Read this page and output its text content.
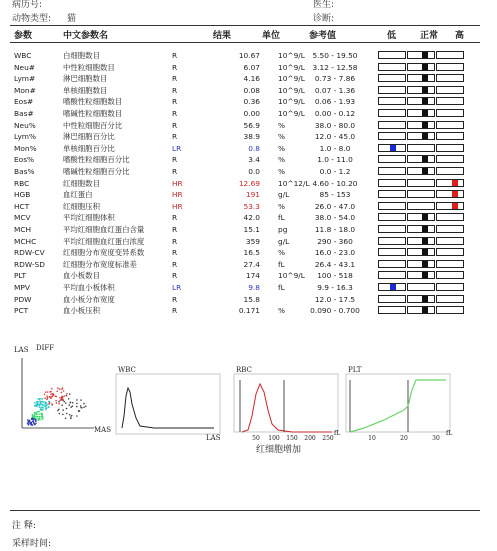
病历号:	医生:
动物类型: 猫	诊断:
参数	中文参数名	结果	单位	参考值	低	正常 高
WBC	白细胞数目	R	10.67 10^9/L	5.50 - 19.50
Neu#	中性粒细胞数目	R	6.07 10^9/L	3.12 - 12.58
Lym#	淋巴细胞数目	R	4.16 10^9/L	0.73 - 7.86
Mon#	单核细胞数目	R	0.08 10^9/L	0.07 - 1.36
Eos#	嗜酸性粒细胞数目	R	0.36 10^9/L	0.06 - 1.93
Bas#	嗜碱性粒细胞数目	R	0.00 10^9/L	0.00 - 0.12
Neu%	中性粒细胞百分比	R	56.9 %	38.0 - 80.0
Lym%	淋巴细胞百分比	R	38.9 %	12.0 - 45.0
Mon%	单核细胞百分比	LR	0.8 %	1.0 - 8.0
Eos%	嗜酸性粒细胞百分比	R	3.4 %	1.0 - 11.0
Bas%	嗜碱性粒细胞百分比	R	0.0 %	0.0 - 1.2
RBC	红细胞数目	HR	12.69 10^12/L 4.60 - 10.20
HGB	血红蛋白	HR	191 g/L	85 - 153
HCT	红细胞压积	HR	53.3 %	26.0 - 47.0
MCV	平均红细胞体积	R	42.0 fL	38.0 - 54.0
MCH	平均红细胞血红蛋白含量	R	15.1 pg	11.8 - 18.0
MCHC	平均红细胞血红蛋白浓度	R	359 g/L	290 - 360
RDW-CV 红细胞分布宽度变异系数	R	16.5 %	16.0 - 23.0
RDW-SD 红细胞分布宽度标准差	R	27.4 fL	26.4 - 43.1
PLT	血小板数目	R	174 10^9/L	100 - 518
MPV	平均血小板体积	LR	9.8 fL	9.9 - 16.3
PDW	血小板分布宽度	R	15.8	12.0 - 17.5
PCT	血小板压积	R	0.171 %	0.090 - 0.700
LAS DIFF
MAS
WBC
LAS
RBC
50 100 150 200 250
fL
红细胞增加
PLT
10	20	30
fL
注 释:
采样时间:
